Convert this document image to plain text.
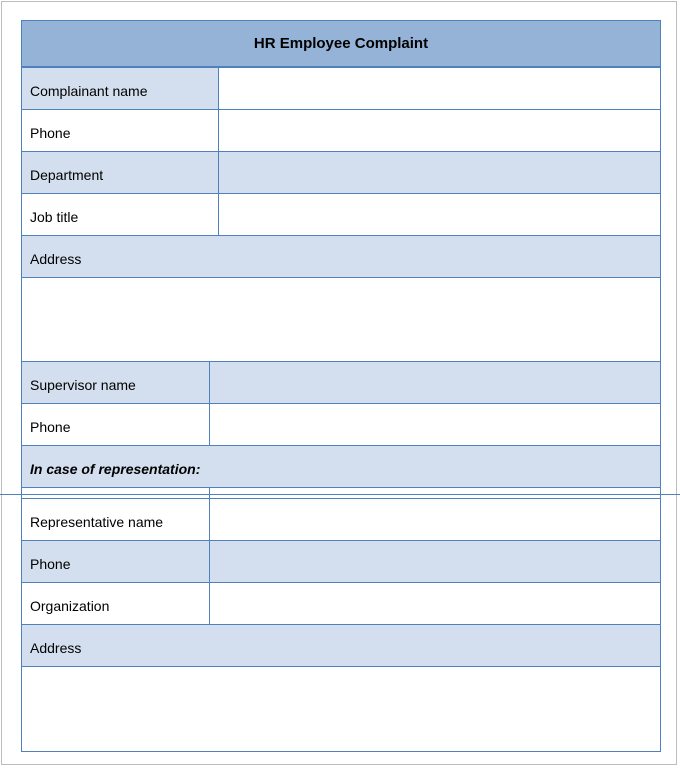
HR Employee Complaint
Complainant name
Phone
Department
Job title
Address
Supervisor name
Phone
In case of representation:
Representative name
Phone
Organization
Address
